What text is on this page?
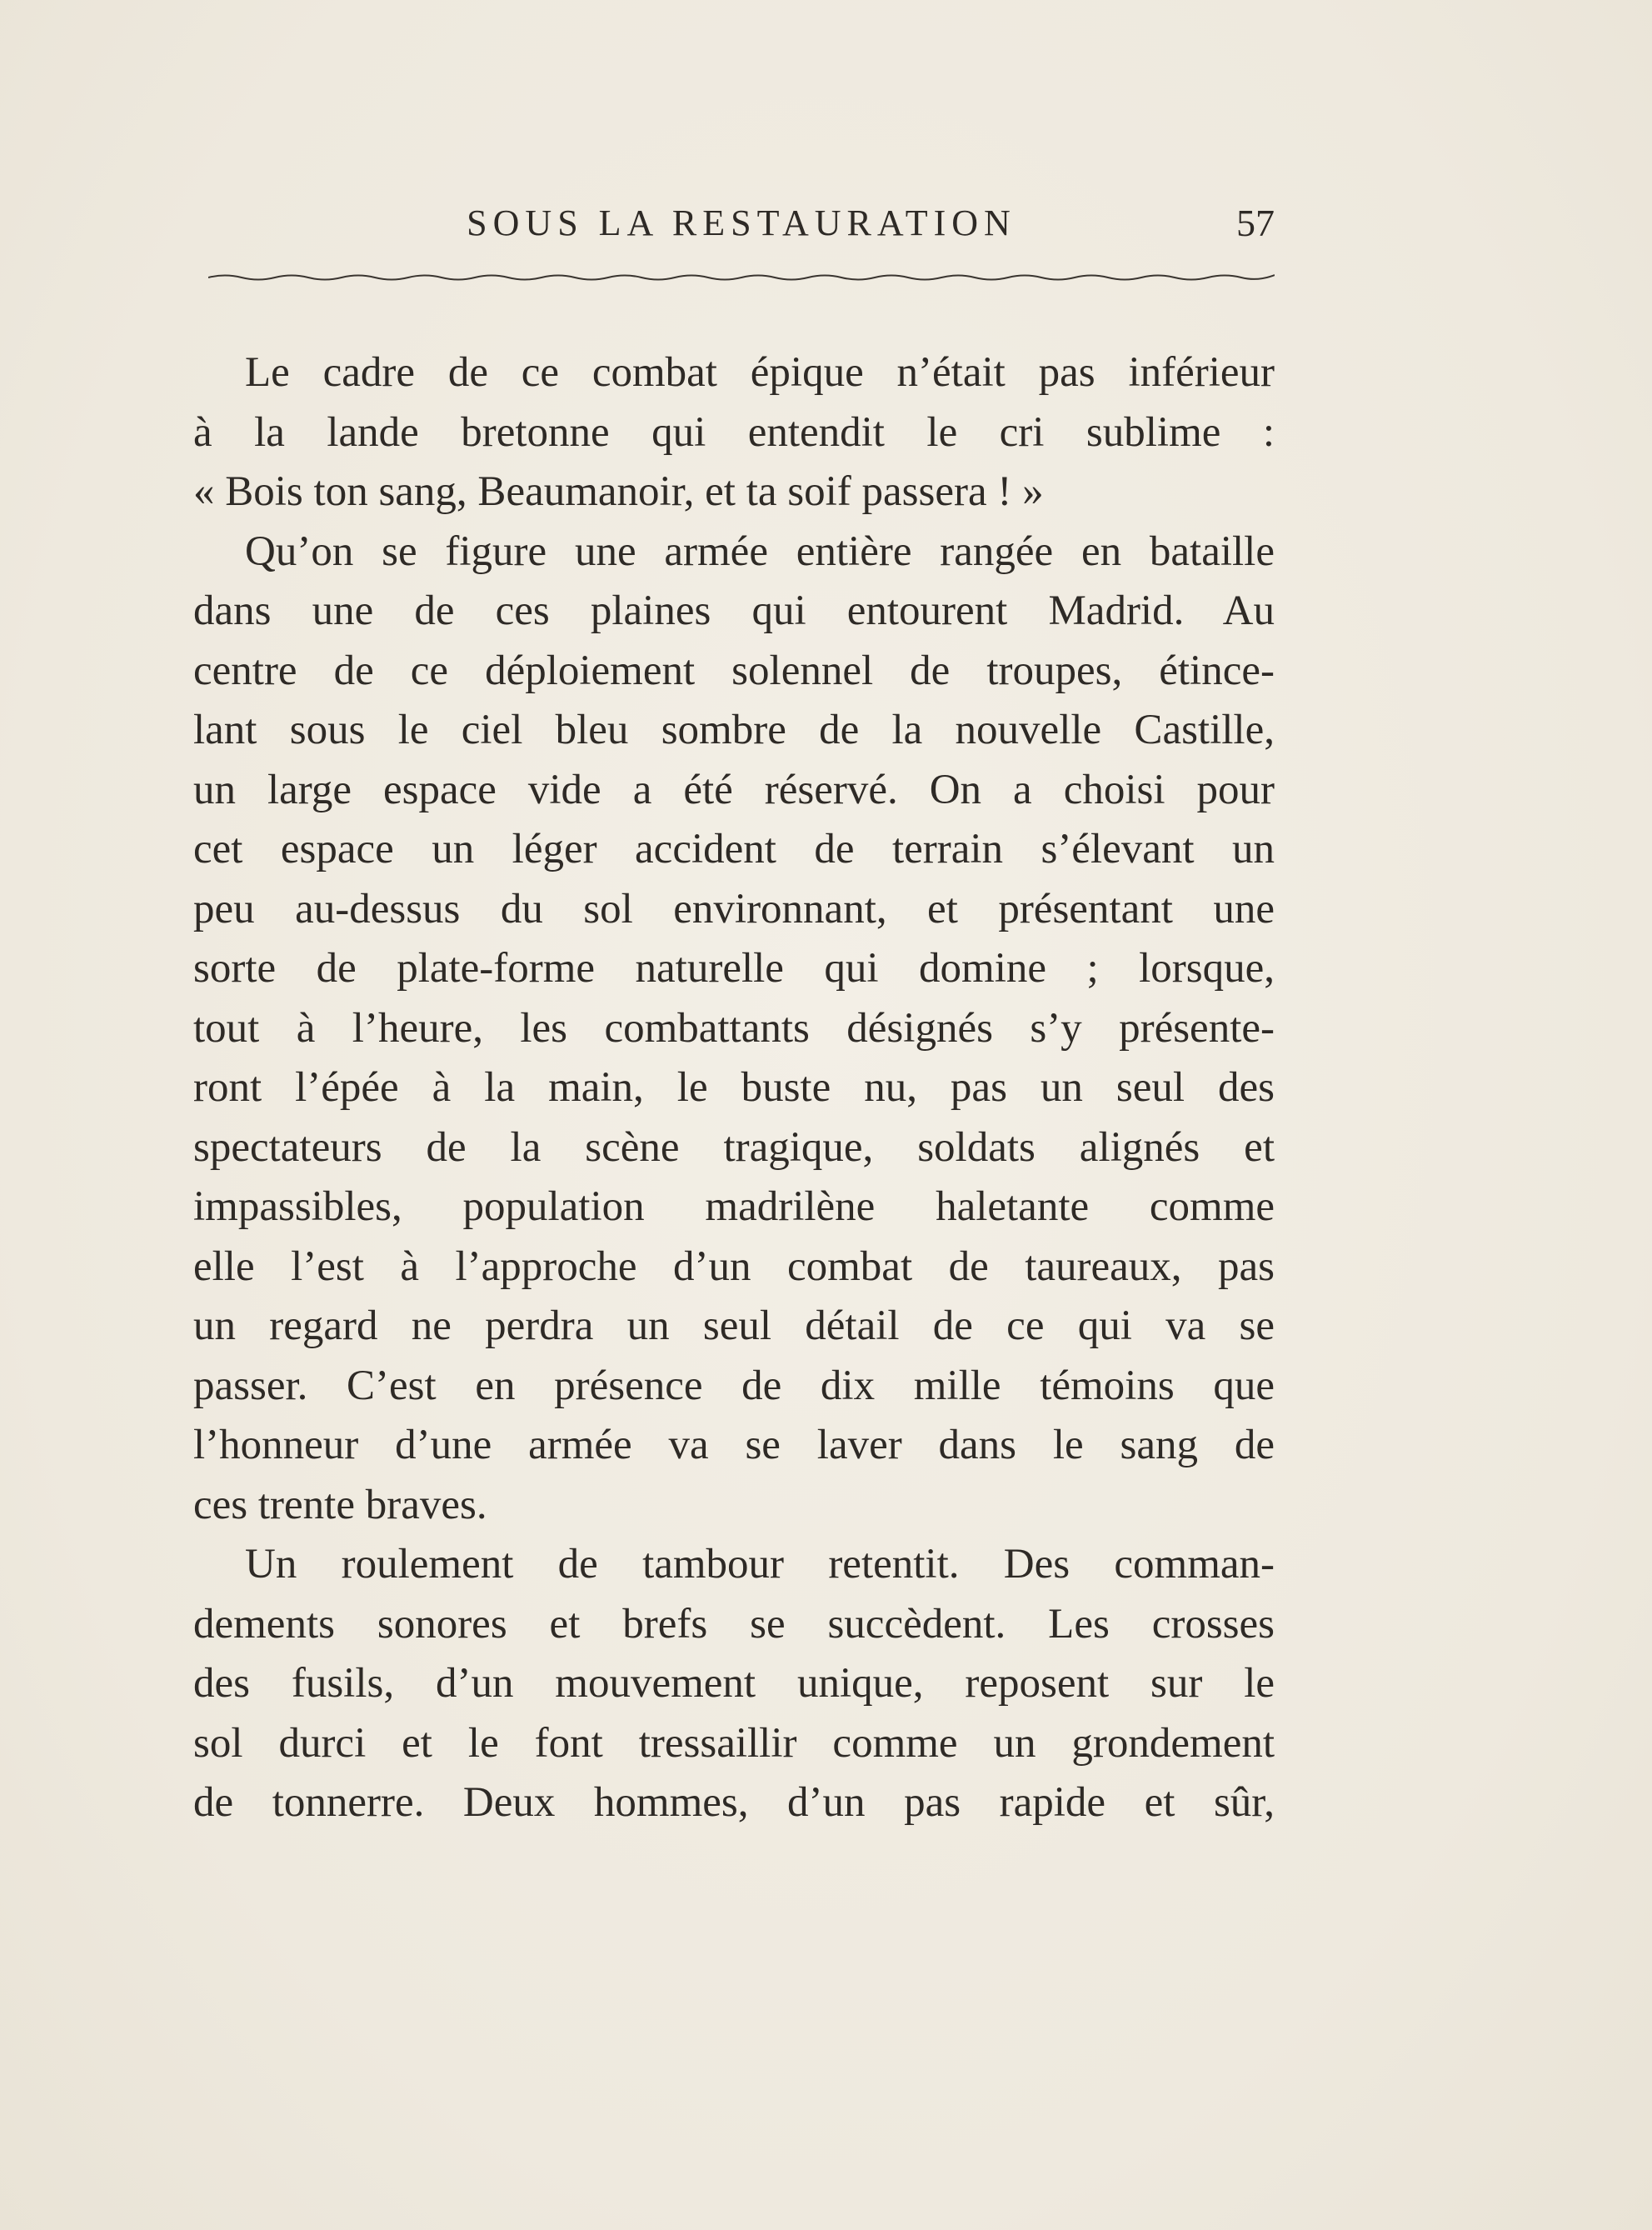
SOUS LA RESTAURATION	57
Le cadre de ce combat épique n’était pas inférieur
à la lande bretonne qui entendit le cri sublime :
« Bois ton sang, Beaumanoir, et ta soif passera ! »
Qu’on se figure une armée entière rangée en bataille
dans une de ces plaines qui entourent Madrid. Au
centre de ce déploiement solennel de troupes, étince-
lant sous le ciel bleu sombre de la nouvelle Castille,
un large espace vide a été réservé. On a choisi pour
cet espace un léger accident de terrain s’élevant un
peu au-dessus du sol environnant, et présentant une
sorte de plate-forme naturelle qui domine ; lorsque,
tout à l’heure, les combattants désignés s’y présente-
ront l’épée à la main, le buste nu, pas un seul des
spectateurs de la scène tragique, soldats alignés et
impassibles, population madrilène haletante comme
elle l’est à l’approche d’un combat de taureaux, pas
un regard ne perdra un seul détail de ce qui va se
passer. C’est en présence de dix mille témoins que
l’honneur d’une armée va se laver dans le sang de
ces trente braves.
Un roulement de tambour retentit. Des comman-
dements sonores et brefs se succèdent. Les crosses
des fusils, d’un mouvement unique, reposent sur le
sol durci et le font tressaillir comme un grondement
de tonnerre. Deux hommes, d’un pas rapide et sûr,
